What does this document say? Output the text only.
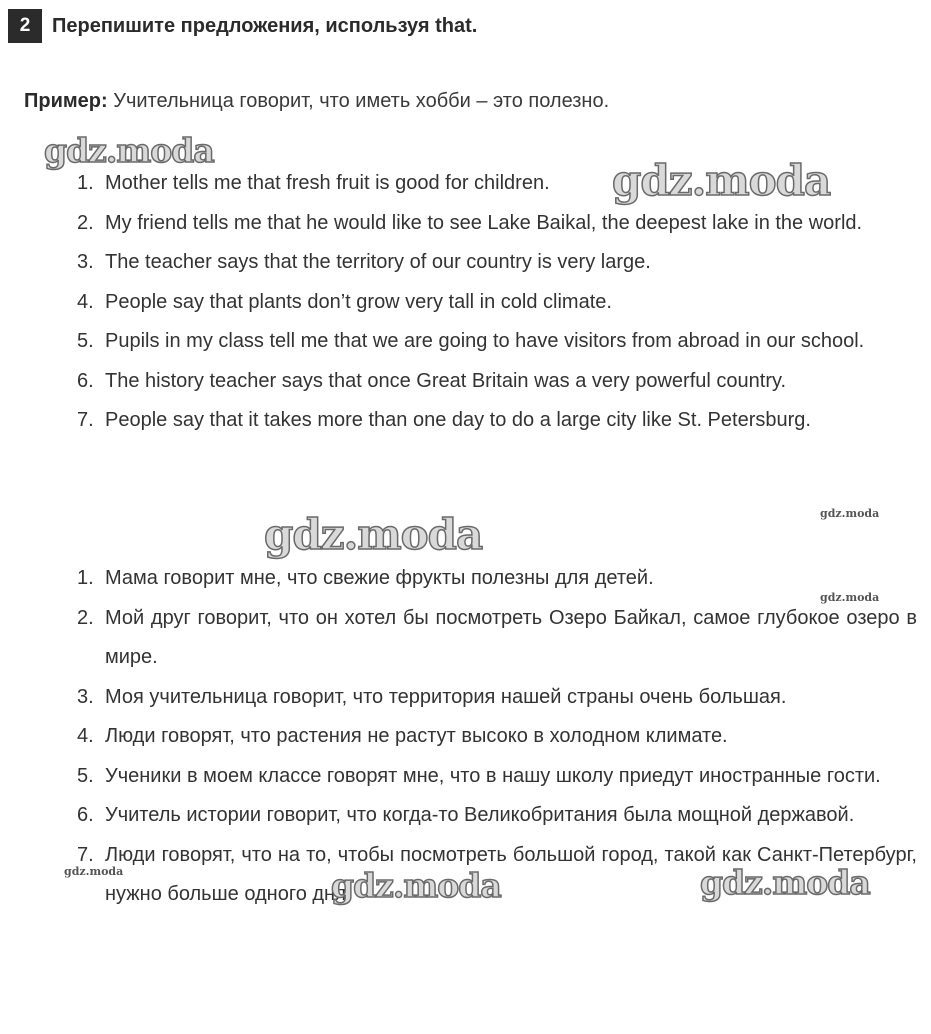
2	Перепишите предложения, используя that.
Пример: Учительница говорит, что иметь хобби – это полезно.
1. Mother tells me that fresh fruit is good for children.
2. My friend tells me that he would like to see Lake Baikal, the deepest lake in the world.
3. The teacher says that the territory of our country is very large.
4. People say that plants don’t grow very tall in cold climate.
5. Pupils in my class tell me that we are going to have visitors from abroad in our school.
6. The history teacher says that once Great Britain was a very powerful country.
7. People say that it takes more than one day to do a large city like St. Petersburg.
1. Мама говорит мне, что свежие фрукты полезны для детей.
2. Мой друг говорит, что он хотел бы посмотреть Озеро Байкал, самое глубокое озеро в мире.
3. Моя учительница говорит, что территория нашей страны очень большая.
4. Люди говорят, что растения не растут высоко в холодном климате.
5. Ученики в моем классе говорят мне, что в нашу школу приедут иностранные гости.
6. Учитель истории говорит, что когда-то Великобритания была мощной державой.
7. Люди говорят, что на то, чтобы посмотреть большой город, такой как Санкт-Петербург, нужно больше одного дня.
gdz.moda
gdz.moda
gdz.moda
gdz.moda
gdz.moda
gdz.moda	gdz.moda	gdz.moda
